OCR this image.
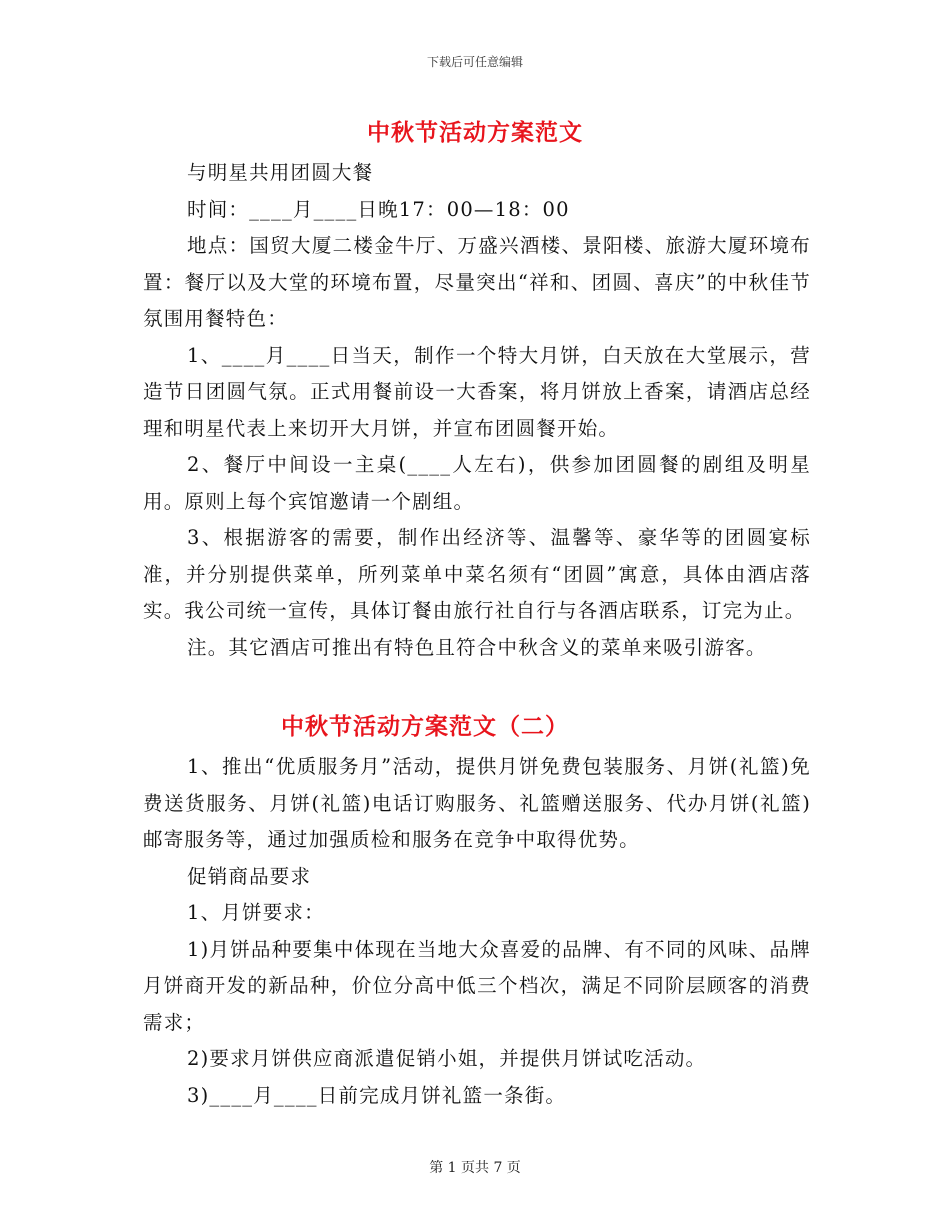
下载后可任意编辑
中秋节活动方案范文

与明星共用团圆大餐

时间：____月____日晚17：00—18：00

地点：国贸大厦二楼金牛厅、万盛兴酒楼、景阳楼、旅游大厦环境布置：餐厅以及大堂的环境布置，尽量突出“祥和、团圆、喜庆”的中秋佳节氛围用餐特色：

1、____月____日当天，制作一个特大月饼，白天放在大堂展示，营造节日团圆气氛。正式用餐前设一大香案，将月饼放上香案，请酒店总经理和明星代表上来切开大月饼，并宣布团圆餐开始。

2、餐厅中间设一主桌(____人左右)，供参加团圆餐的剧组及明星用。原则上每个宾馆邀请一个剧组。

3、根据游客的需要，制作出经济等、温馨等、豪华等的团圆宴标准，并分别提供菜单，所列菜单中菜名须有“团圆”寓意，具体由酒店落实。我公司统一宣传，具体订餐由旅行社自行与各酒店联系，订完为止。

注。其它酒店可推出有特色且符合中秋含义的菜单来吸引游客。

中秋节活动方案范文（二）

1、推出“优质服务月”活动，提供月饼免费包装服务、月饼(礼篮)免费送货服务、月饼(礼篮)电话订购服务、礼篮赠送服务、代办月饼(礼篮)邮寄服务等，通过加强质检和服务在竞争中取得优势。

促销商品要求

1、月饼要求：

1)月饼品种要集中体现在当地大众喜爱的品牌、有不同的风味、品牌月饼商开发的新品种，价位分高中低三个档次，满足不同阶层顾客的消费需求；

2)要求月饼供应商派遣促销小姐，并提供月饼试吃活动。

3)____月____日前完成月饼礼篮一条街。

第 1 页共 7 页
